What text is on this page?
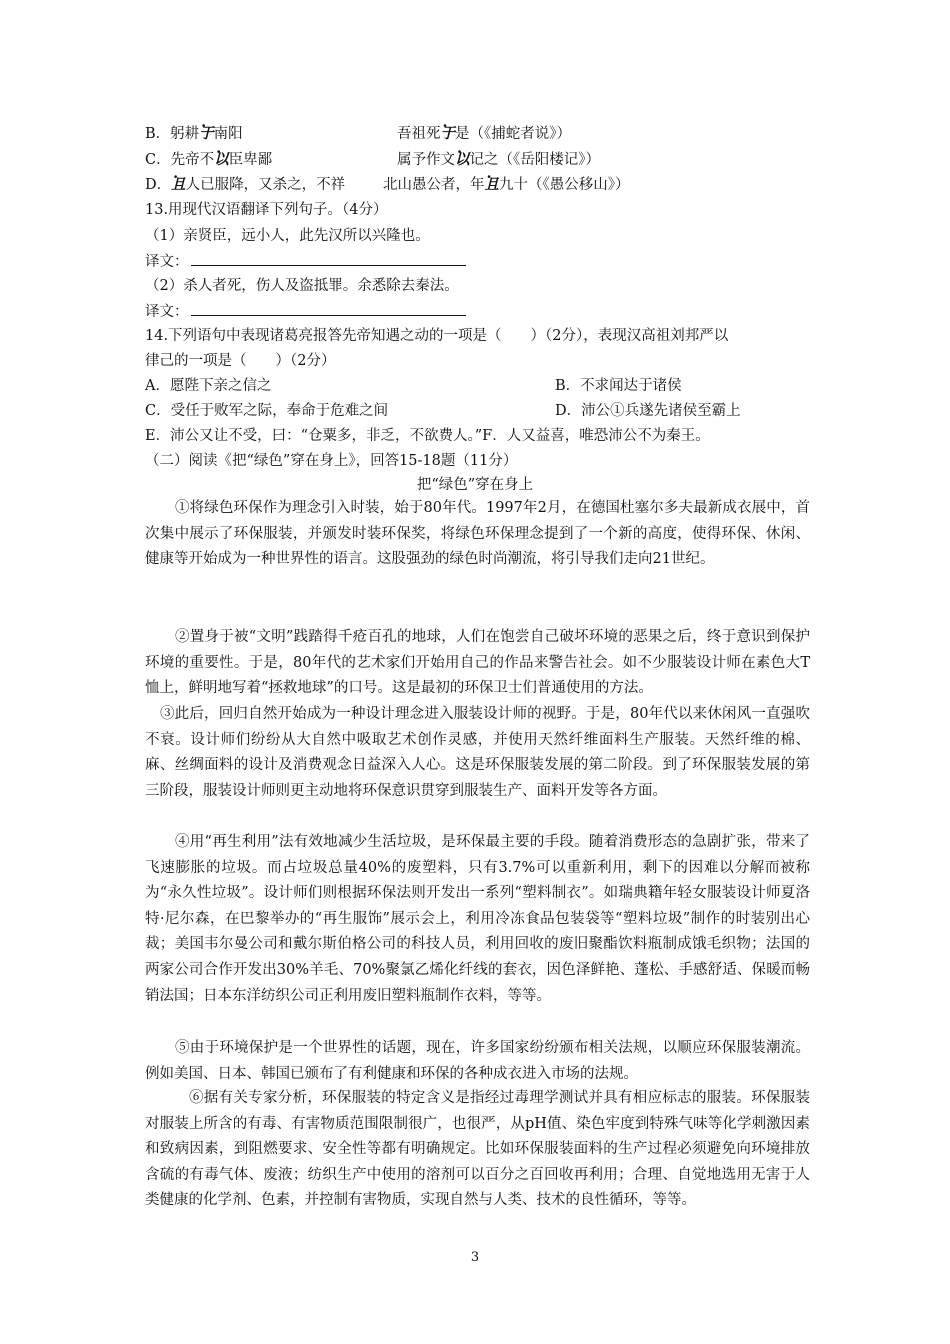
B．躬耕于南阳	吾祖死于是（《捕蛇者说》）
C．先帝不以臣卑鄙	属予作文以记之（《岳阳楼记》）
D．且人已服降，又杀之，不祥	北山愚公者，年且九十（《愚公移山》）
13.用现代汉语翻译下列句子。（4分）
（1）亲贤臣，远小人，此先汉所以兴隆也。
译文：
（2）杀人者死，伤人及盗抵罪。余悉除去秦法。
译文：
14.下列语句中表现诸葛亮报答先帝知遇之动的一项是（　　）（2分），表现汉高祖刘邦严以
律己的一项是（　　）（2分）
A．愿陛下亲之信之	B．不求闻达于诸侯
C．受任于败军之际，奉命于危难之间	D．沛公①兵遂先诸侯至霸上
E．沛公又让不受，曰：“仓粟多，非乏，不欲费人。”F．人又益喜，唯恐沛公不为秦王。
（二）阅读《把“绿色”穿在身上》，回答15-18题（11分）
把“绿色”穿在身上
①将绿色环保作为理念引入时装，始于80年代。1997年2月，在德国杜塞尔多夫最新成衣展中，首次集中展示了环保服装，并颁发时装环保奖，将绿色环保理念提到了一个新的高度，使得环保、休闲、健康等开始成为一种世界性的语言。这股强劲的绿色时尚潮流，将引导我们走向21世纪。
②置身于被“文明”践踏得千疮百孔的地球，人们在饱尝自己破坏环境的恶果之后，终于意识到保护环境的重要性。于是，80年代的艺术家们开始用自己的作品来警告社会。如不少服装设计师在素色大T恤上，鲜明地写着“拯救地球”的口号。这是最初的环保卫士们普通使用的方法。
③此后，回归自然开始成为一种设计理念进入服装设计师的视野。于是，80年代以来休闲风一直强吹不衰。设计师们纷纷从大自然中吸取艺术创作灵感，并使用天然纤维面料生产服装。天然纤维的棉、麻、丝绸面料的设计及消费观念日益深入人心。这是环保服装发展的第二阶段。到了环保服装发展的第三阶段，服装设计师则更主动地将环保意识贯穿到服装生产、面料开发等各方面。
④用“再生利用”法有效地减少生活垃圾，是环保最主要的手段。随着消费形态的急剧扩张，带来了飞速膨胀的垃圾。而占垃圾总量40%的废塑料，只有3.7%可以重新利用，剩下的因难以分解而被称为“永久性垃圾”。设计师们则根据环保法则开发出一系列“塑料制衣”。如瑞典籍年轻女服装设计师夏洛特·尼尔森，在巴黎举办的“再生服饰”展示会上，利用冷冻食品包装袋等“塑料垃圾”制作的时装别出心裁；美国韦尔曼公司和戴尔斯伯格公司的科技人员，利用回收的废旧聚酯饮料瓶制成饿毛织物；法国的两家公司合作开发出30%羊毛、70%聚氯乙烯化纤线的套衣，因色泽鲜艳、蓬松、手感舒适、保暖而畅销法国；日本东洋纺织公司正利用废旧塑料瓶制作衣料，等等。
⑤由于环境保护是一个世界性的话题，现在，许多国家纷纷颁布相关法规，以顺应环保服装潮流。例如美国、日本、韩国已颁布了有利健康和环保的各种成衣进入市场的法规。
⑥据有关专家分析，环保服装的特定含义是指经过毒理学测试并具有相应标志的服装。环保服装对服装上所含的有毒、有害物质范围限制很广，也很严，从pH值、染色牢度到特殊气味等化学刺激因素和致病因素，到阻燃要求、安全性等都有明确规定。比如环保服装面料的生产过程必须避免向环境排放含硫的有毒气体、废液；纺织生产中使用的溶剂可以百分之百回收再利用；合理、自觉地选用无害于人类健康的化学剂、色素，并控制有害物质，实现自然与人类、技术的良性循环，等等。
3
